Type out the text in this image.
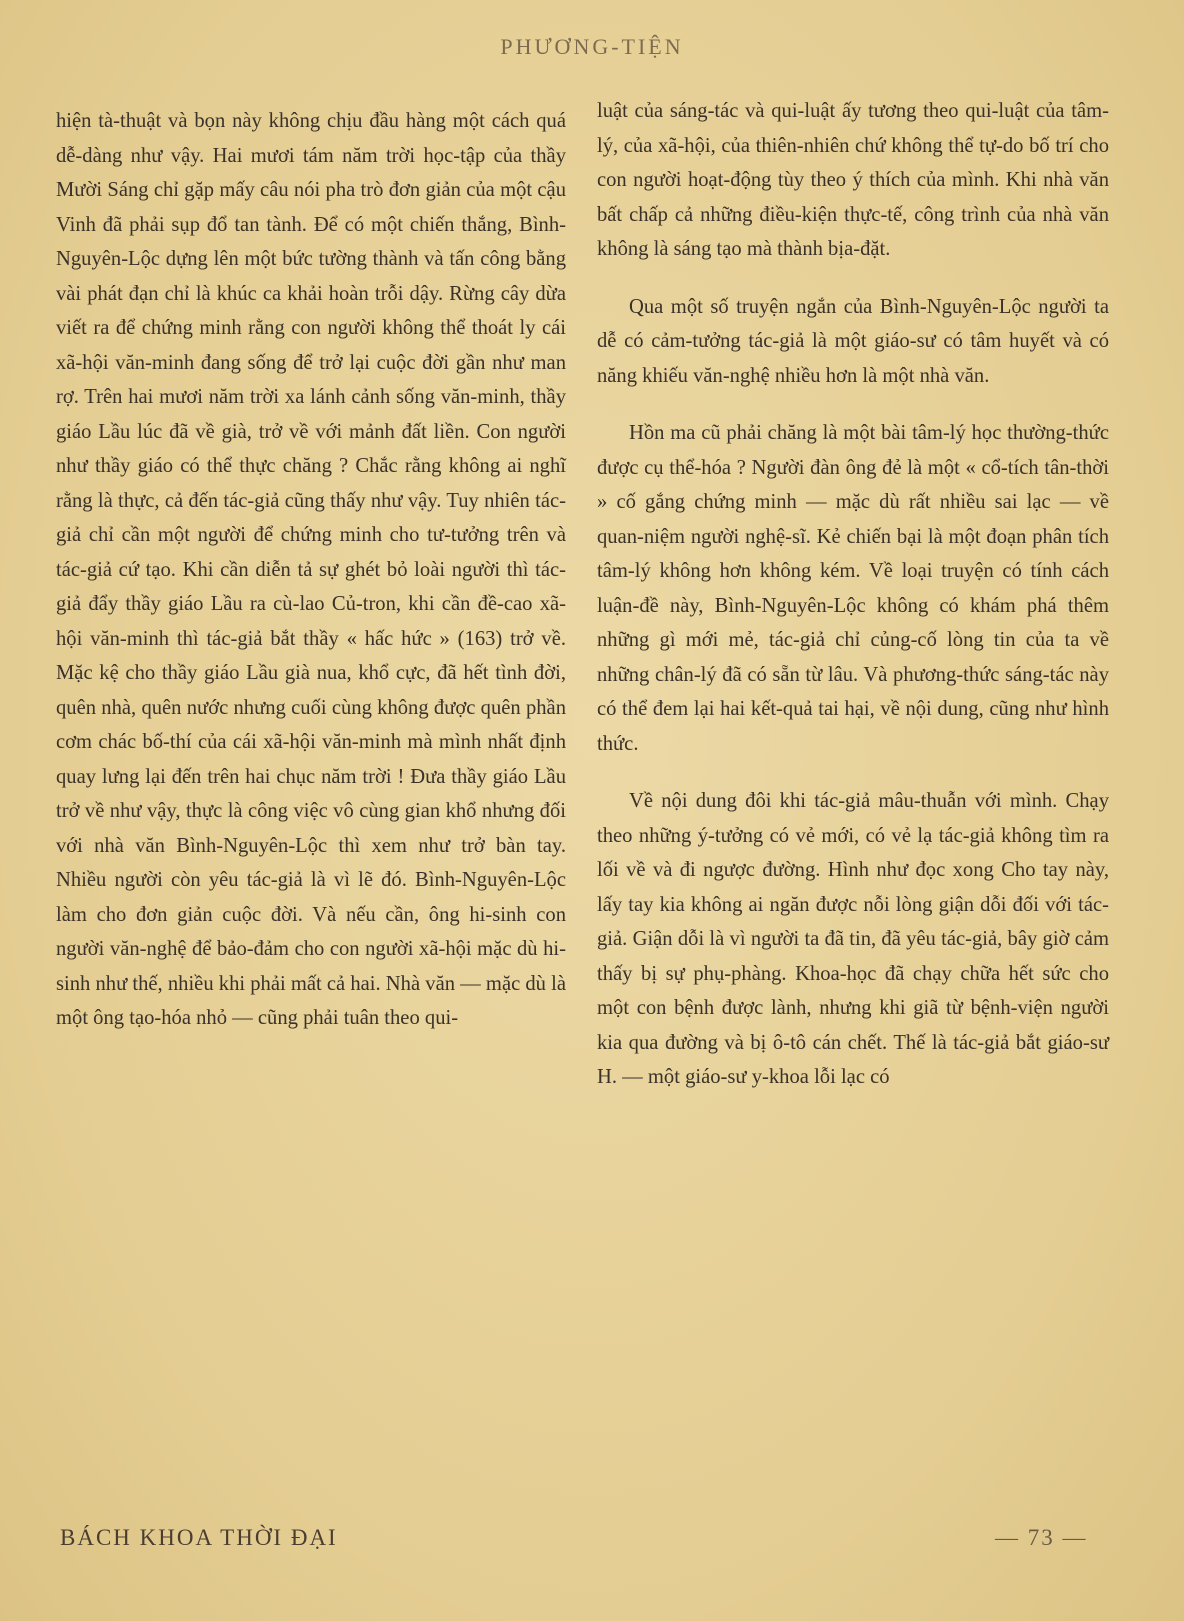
PHƯƠNG-TIỆN

hiện tà-thuật và bọn này không chịu đầu hàng một cách quá dễ-dàng như vậy. Hai mươi tám năm trời học-tập của thầy Mười Sáng chỉ gặp mấy câu nói pha trò đơn giản của một cậu Vinh đã phải sụp đổ tan tành. Để có một chiến thắng, Bình-Nguyên-Lộc dựng lên một bức tường thành và tấn công bằng vài phát đạn chỉ là khúc ca khải hoàn trỗi dậy. Rừng cây dừa viết ra để chứng minh rằng con người không thể thoát ly cái xã-hội văn-minh đang sống để trở lại cuộc đời gần như man rợ. Trên hai mươi năm trời xa lánh cảnh sống văn-minh, thầy giáo Lầu lúc đã về già, trở về với mảnh đất liền. Con người như thầy giáo có thể thực chăng ? Chắc rằng không ai nghĩ rằng là thực, cả đến tác-giả cũng thấy như vậy. Tuy nhiên tác-giả chỉ cần một người để chứng minh cho tư-tưởng trên và tác-giả cứ tạo. Khi cần diễn tả sự ghét bỏ loài người thì tác-giả đẩy thầy giáo Lầu ra cù-lao Củ-tron, khi cần đề-cao xã-hội văn-minh thì tác-giả bắt thầy « hấc hức » (163) trở về. Mặc kệ cho thầy giáo Lầu già nua, khổ cực, đã hết tình đời, quên nhà, quên nước nhưng cuối cùng không được quên phần cơm chác bố-thí của cái xã-hội văn-minh mà mình nhất định quay lưng lại đến trên hai chục năm trời ! Đưa thầy giáo Lầu trở về như vậy, thực là công việc vô cùng gian khổ nhưng đối với nhà văn Bình-Nguyên-Lộc thì xem như trở bàn tay. Nhiều người còn yêu tác-giả là vì lẽ đó. Bình-Nguyên-Lộc làm cho đơn giản cuộc đời. Và nếu cần, ông hi-sinh con người văn-nghệ để bảo-đảm cho con người xã-hội mặc dù hi-sinh như thế, nhiều khi phải mất cả hai. Nhà văn — mặc dù là một ông tạo-hóa nhỏ — cũng phải tuân theo qui-

luật của sáng-tác và qui-luật ấy tương theo qui-luật của tâm-lý, của xã-hội, của thiên-nhiên chứ không thể tự-do bố trí cho con người hoạt-động tùy theo ý thích của mình. Khi nhà văn bất chấp cả những điều-kiện thực-tế, công trình của nhà văn không là sáng tạo mà thành bịa-đặt.

Qua một số truyện ngắn của Bình-Nguyên-Lộc người ta dễ có cảm-tưởng tác-giả là một giáo-sư có tâm huyết và có năng khiếu văn-nghệ nhiều hơn là một nhà văn.

Hồn ma cũ phải chăng là một bài tâm-lý học thường-thức được cụ thể-hóa ? Người đàn ông đẻ là một « cổ-tích tân-thời » cố gắng chứng minh — mặc dù rất nhiều sai lạc — về quan-niệm người nghệ-sĩ. Kẻ chiến bại là một đoạn phân tích tâm-lý không hơn không kém. Về loại truyện có tính cách luận-đề này, Bình-Nguyên-Lộc không có khám phá thêm những gì mới mẻ, tác-giả chỉ củng-cố lòng tin của ta về những chân-lý đã có sẵn từ lâu. Và phương-thức sáng-tác này có thể đem lại hai kết-quả tai hại, về nội dung, cũng như hình thức.

Về nội dung đôi khi tác-giả mâu-thuẫn với mình. Chạy theo những ý-tưởng có vẻ mới, có vẻ lạ tác-giả không tìm ra lối về và đi ngược đường. Hình như đọc xong Cho tay này, lấy tay kia không ai ngăn được nỗi lòng giận dỗi đối với tác-giả. Giận dỗi là vì người ta đã tin, đã yêu tác-giả, bây giờ cảm thấy bị sự phụ-phàng. Khoa-học đã chạy chữa hết sức cho một con bệnh được lành, nhưng khi giã từ bệnh-viện người kia qua đường và bị ô-tô cán chết. Thế là tác-giả bắt giáo-sư H. — một giáo-sư y-khoa lỗi lạc có

BÁCH KHOA THỜI ĐẠI	— 73 —
